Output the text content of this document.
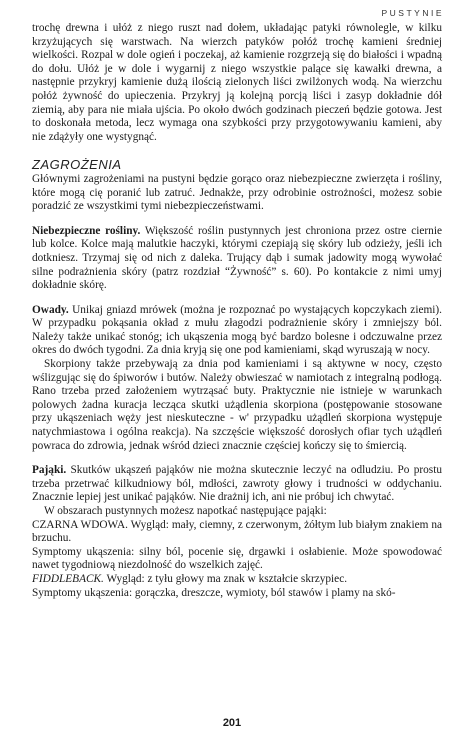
PUSTYNIE

trochę drewna i ułóż z niego ruszt nad dołem, układając patyki równolegle, w kilku krzyżujących się warstwach. Na wierzch patyków połóż trochę kamieni średniej wielkości. Rozpal w dole ogień i poczekaj, aż kamienie rozgrzeją się do białości i wpadną do dołu. Ułóż je w dole i wygarnij z niego wszystkie palące się kawałki drewna, a następnie przykryj kamienie dużą ilością zielonych liści zwilżonych wodą. Na wierzchu połóż żywność do upieczenia. Przykryj ją kolejną porcją liści i zasyp dokładnie dół ziemią, aby para nie miała ujścia. Po około dwóch godzinach pieczeń będzie gotowa. Jest to doskonała metoda, lecz wymaga ona szybkości przy przygotowywaniu kamieni, aby nie zdążyły one wystygnąć.

ZAGROŻENIA

Głównymi zagrożeniami na pustyni będzie gorąco oraz niebezpieczne zwierzęta i rośliny, które mogą cię poranić lub zatruć. Jednakże, przy odrobinie ostrożności, możesz sobie poradzić ze wszystkimi tymi niebezpieczeństwami.

Niebezpieczne rośliny. Większość roślin pustynnych jest chroniona przez ostre ciernie lub kolce. Kolce mają malutkie haczyki, którymi czepiają się skóry lub odzieży, jeśli ich dotkniesz. Trzymaj się od nich z daleka. Trujący dąb i sumak jadowity mogą wywołać silne podrażnienia skóry (patrz rozdział “Żywność” s. 60). Po kontakcie z nimi umyj dokładnie skórę.

Owady. Unikaj gniazd mrówek (można je rozpoznać po wystających kopczykach ziemi). W przypadku pokąsania okład z mułu złagodzi podrażnienie skóry i zmniejszy ból. Należy także unikać stonóg; ich ukąszenia mogą być bardzo bolesne i odczuwalne przez okres do dwóch tygodni. Za dnia kryją się one pod kamieniami, skąd wyruszają w nocy.

Skorpiony także przebywają za dnia pod kamieniami i są aktywne w nocy, często wślizgując się do śpiworów i butów. Należy obwieszać w namiotach z integralną podłogą. Rano trzeba przed założeniem wytrząsać buty. Praktycznie nie istnieje w warunkach polowych żadna kuracja lecząca skutki użądlenia skorpiona (postępowanie stosowane przy ukąszeniach węży jest nieskuteczne - w' przypadku użądleń skorpiona występuje natychmiastowa i ogólna reakcja). Na szczęście większość dorosłych ofiar tych użądleń powraca do zdrowia, jednak wśród dzieci znacznie częściej kończy się to śmiercią.

Pająki. Skutków ukąszeń pająków nie można skutecznie leczyć na odludziu. Po prostu trzeba przetrwać kilkudniowy ból, mdłości, zawroty głowy i trudności w oddychaniu. Znacznie lepiej jest unikać pająków. Nie drażnij ich, ani nie próbuj ich chwytać.

W obszarach pustynnych możesz napotkać następujące pająki:

CZARNA WDOWA. Wygląd: mały, ciemny, z czerwonym, żółtym lub białym znakiem na brzuchu.

Symptomy ukąszenia: silny ból, pocenie się, drgawki i osłabienie. Może spowodować nawet tygodniową niezdolność do wszelkich zajęć.

FIDDLEBACK. Wygląd: z tyłu głowy ma znak w kształcie skrzypiec.

Symptomy ukąszenia: gorączka, dreszcze, wymioty, ból stawów i plamy na skó-

201
